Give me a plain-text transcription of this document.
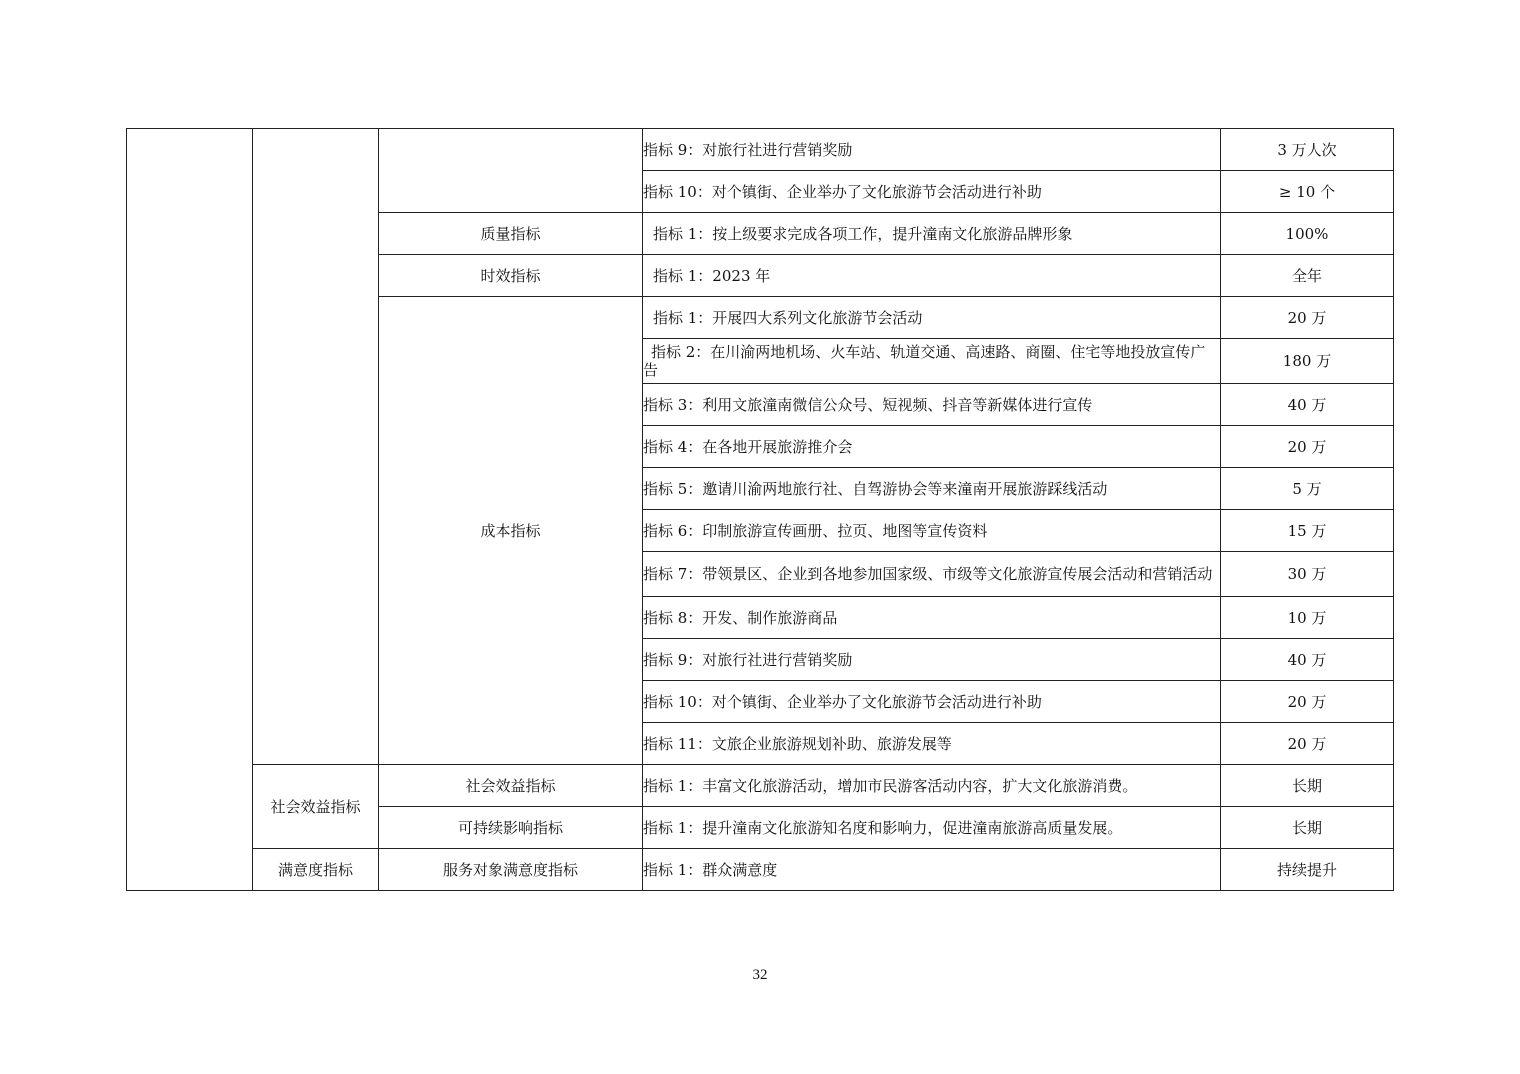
			指标 9：对旅行社进行营销奖励	3 万人次
			指标 10：对个镇街、企业举办了文化旅游节会活动进行补助	≥ 10 个
		质量指标	指标 1：按上级要求完成各项工作，提升潼南文化旅游品牌形象	100%
		时效指标	指标 1：2023 年	全年
		成本指标	指标 1：开展四大系列文化旅游节会活动	20 万
			指标 2：在川渝两地机场、火车站、轨道交通、高速路、商圈、住宅等地投放宣传广告	180 万
			指标 3：利用文旅潼南微信公众号、短视频、抖音等新媒体进行宣传	40 万
			指标 4：在各地开展旅游推介会	20 万
			指标 5：邀请川渝两地旅行社、自驾游协会等来潼南开展旅游踩线活动	5 万
			指标 6：印制旅游宣传画册、拉页、地图等宣传资料	15 万
			指标 7：带领景区、企业到各地参加国家级、市级等文化旅游宣传展会活动和营销活动	30 万
			指标 8：开发、制作旅游商品	10 万
			指标 9：对旅行社进行营销奖励	40 万
			指标 10：对个镇街、企业举办了文化旅游节会活动进行补助	20 万
			指标 11：文旅企业旅游规划补助、旅游发展等	20 万
	社会效益指标	社会效益指标	指标 1：丰富文化旅游活动，增加市民游客活动内容，扩大文化旅游消费。	长期
		可持续影响指标	指标 1：提升潼南文化旅游知名度和影响力，促进潼南旅游高质量发展。	长期
	满意度指标	服务对象满意度指标	指标 1：群众满意度	持续提升
32
